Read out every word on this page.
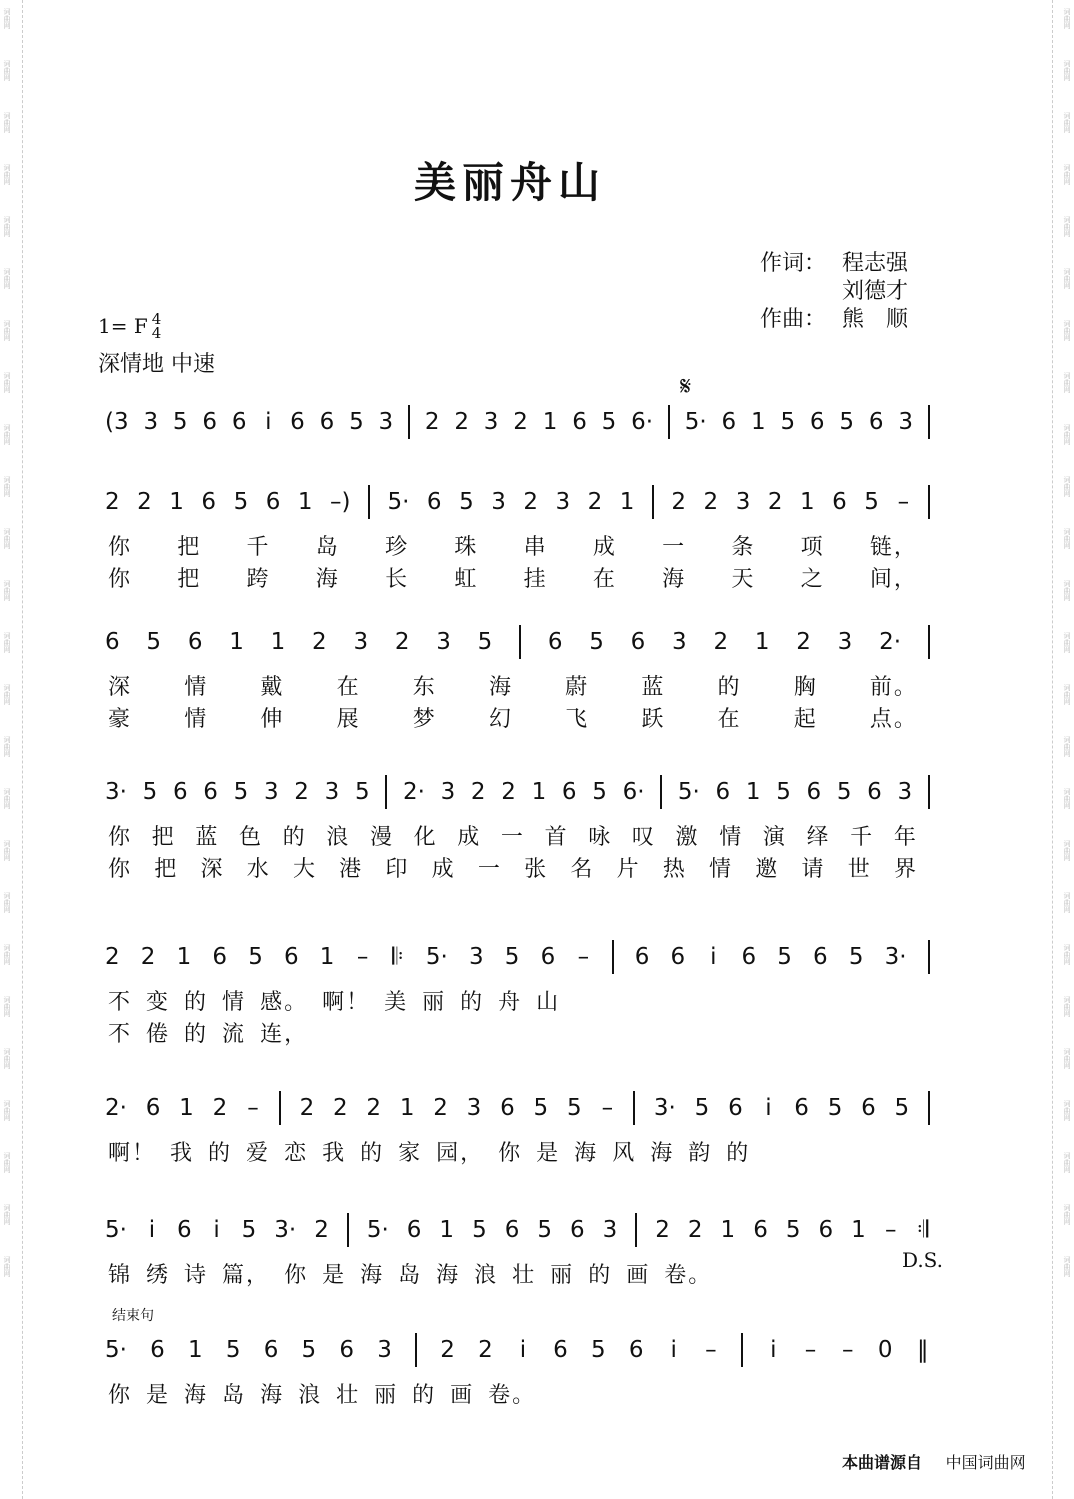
词曲网
词曲网
词曲网
词曲网
词曲网
词曲网
词曲网
词曲网
词曲网
词曲网
词曲网
词曲网
词曲网
词曲网
词曲网
词曲网
词曲网
词曲网
词曲网
词曲网
词曲网
词曲网
词曲网
词曲网
词曲网
词曲网
词曲网
词曲网
词曲网
词曲网
词曲网
词曲网
词曲网
词曲网
词曲网
词曲网
词曲网
词曲网
词曲网
词曲网
词曲网
词曲网
词曲网
词曲网
词曲网
词曲网
词曲网
词曲网
词曲网
词曲网
美丽舟山
作词： 程志强
刘德才
作曲： 熊　顺
1= F 4
4
深情地 中速
𝄋
(3 3 5 6 6 i 6 6 5 3 2 2 3 2 1 6 5 6· 5· 6 1 5 6 5 6 3
2 2 1 6 5 6 1 –) 5· 6 5 3 2 3 2 1 2 2 3 2 1 6 5 –
你 把 千 岛 珍 珠 串 成 一 条 项 链，
你 把 跨 海 长 虹 挂 在 海 天 之 间，
6 5 6 1 1 2 3 2 3 5 6 5 6 3 2 1 2 3 2·
深 情 戴 在 东 海 蔚 蓝 的 胸 前。
豪 情 伸 展 梦 幻 飞 跃 在 起 点。
3· 5 6 6 5 3 2 3 5 2· 3 2 2 1 6 5 6· 5· 6 1 5 6 5 6 3
你 把 蓝 色 的 浪 漫 化 成 一 首 咏 叹 激 情 演 绎 千 年
你 把 深 水 大 港 印 成 一 张 名 片 热 情 邀 请 世 界
2 2 1 6 5 6 1 – 𝄆 5· 3 5 6 – 6 6 i 6 5 6 5 3·
不 变 的 情 感。 啊！ 美 丽 的 舟 山
不 倦 的 流 连，
2· 6 1 2 – 2 2 2 1 2 3 6 5 5 – 3· 5 6 i 6 5 6 5
啊！ 我 的 爱 恋 我 的 家 园， 你 是 海 风 海 韵 的
5· i 6 i 5 3· 2 5· 6 1 5 6 5 6 3 2 2 1 6 5 6 1 – 𝄇
锦 绣 诗 篇， 你 是 海 岛 海 浪 壮 丽 的 画 卷。
5· 6 1 5 6 5 6 3 2 2 i 6 5 6 i – i – – 0 ‖
你 是 海 岛 海 浪 壮 丽 的 画 卷。
D.S.
结束句
本曲谱源自 中国词曲网
